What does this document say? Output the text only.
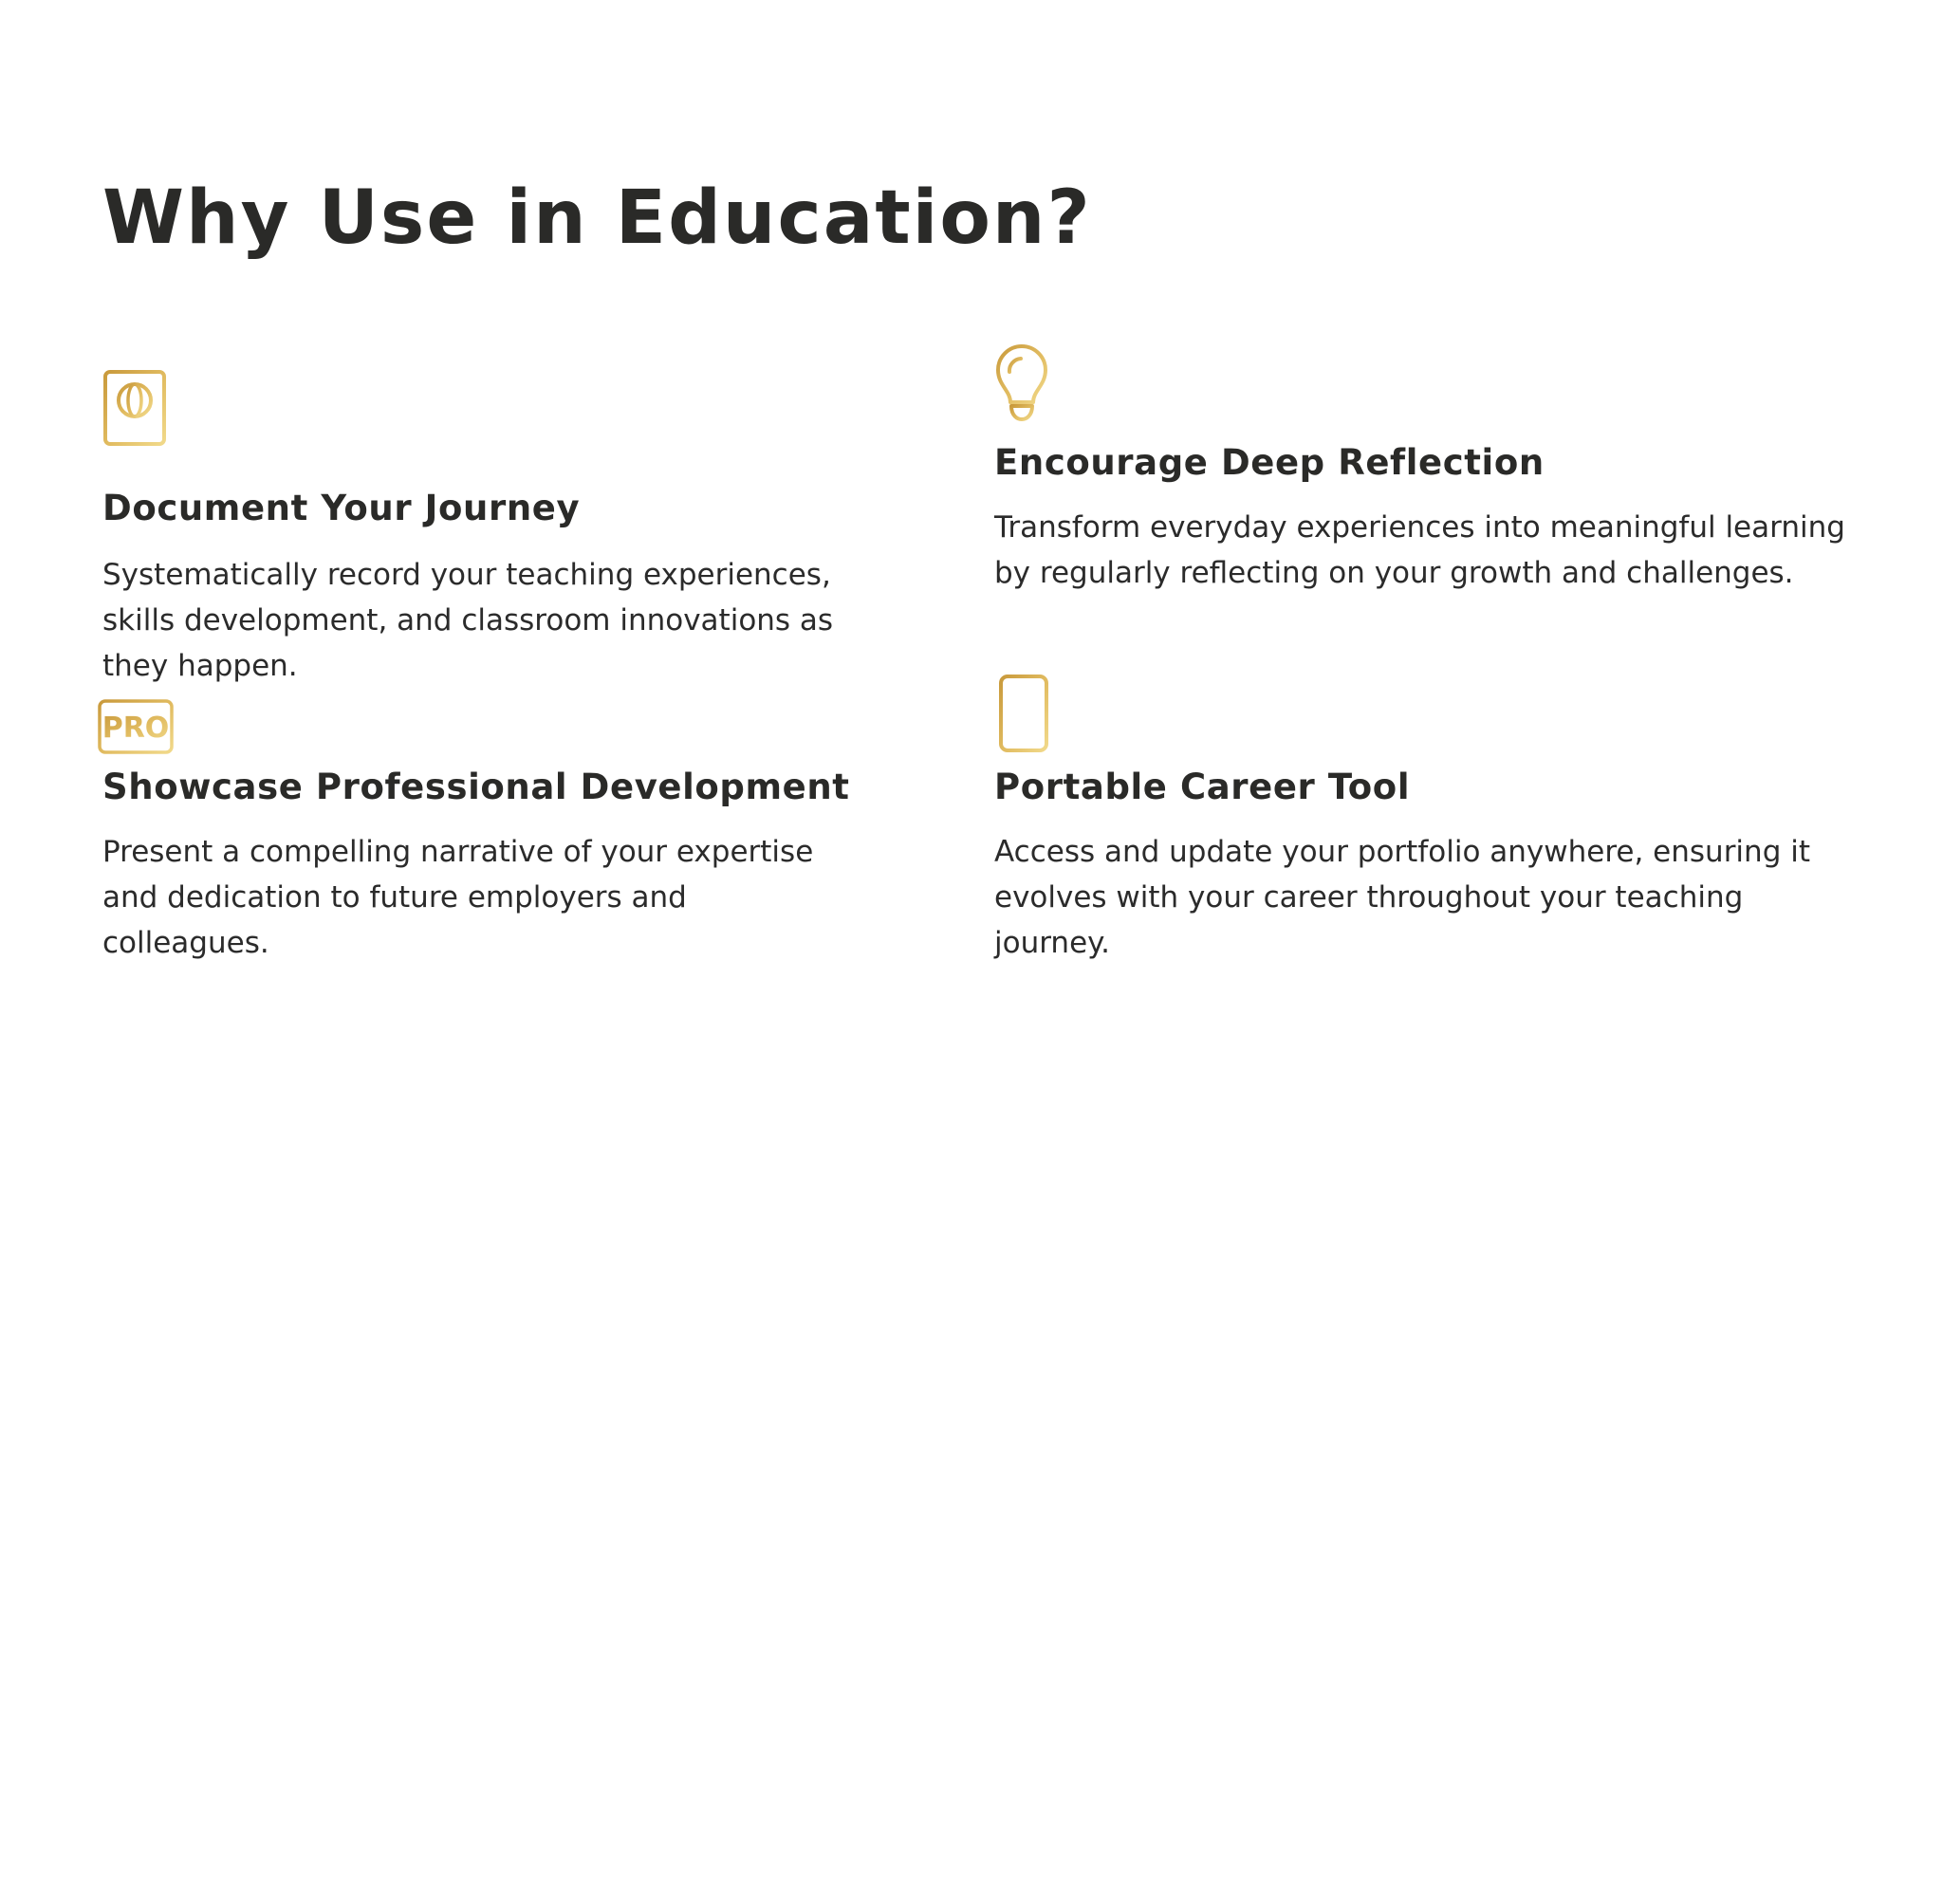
Why Use in Education?
Document Your Journey

Systematically record your teaching experiences, skills development, and classroom innovations as they happen.

Encourage Deep Reflection

Transform everyday experiences into meaningful learning by regularly reflecting on your growth and challenges.

PRO
Showcase Professional Development

Present a compelling narrative of your expertise and dedication to future employers and colleagues.

Portable Career Tool

Access and update your portfolio anywhere, ensuring it evolves with your career throughout your teaching journey.
